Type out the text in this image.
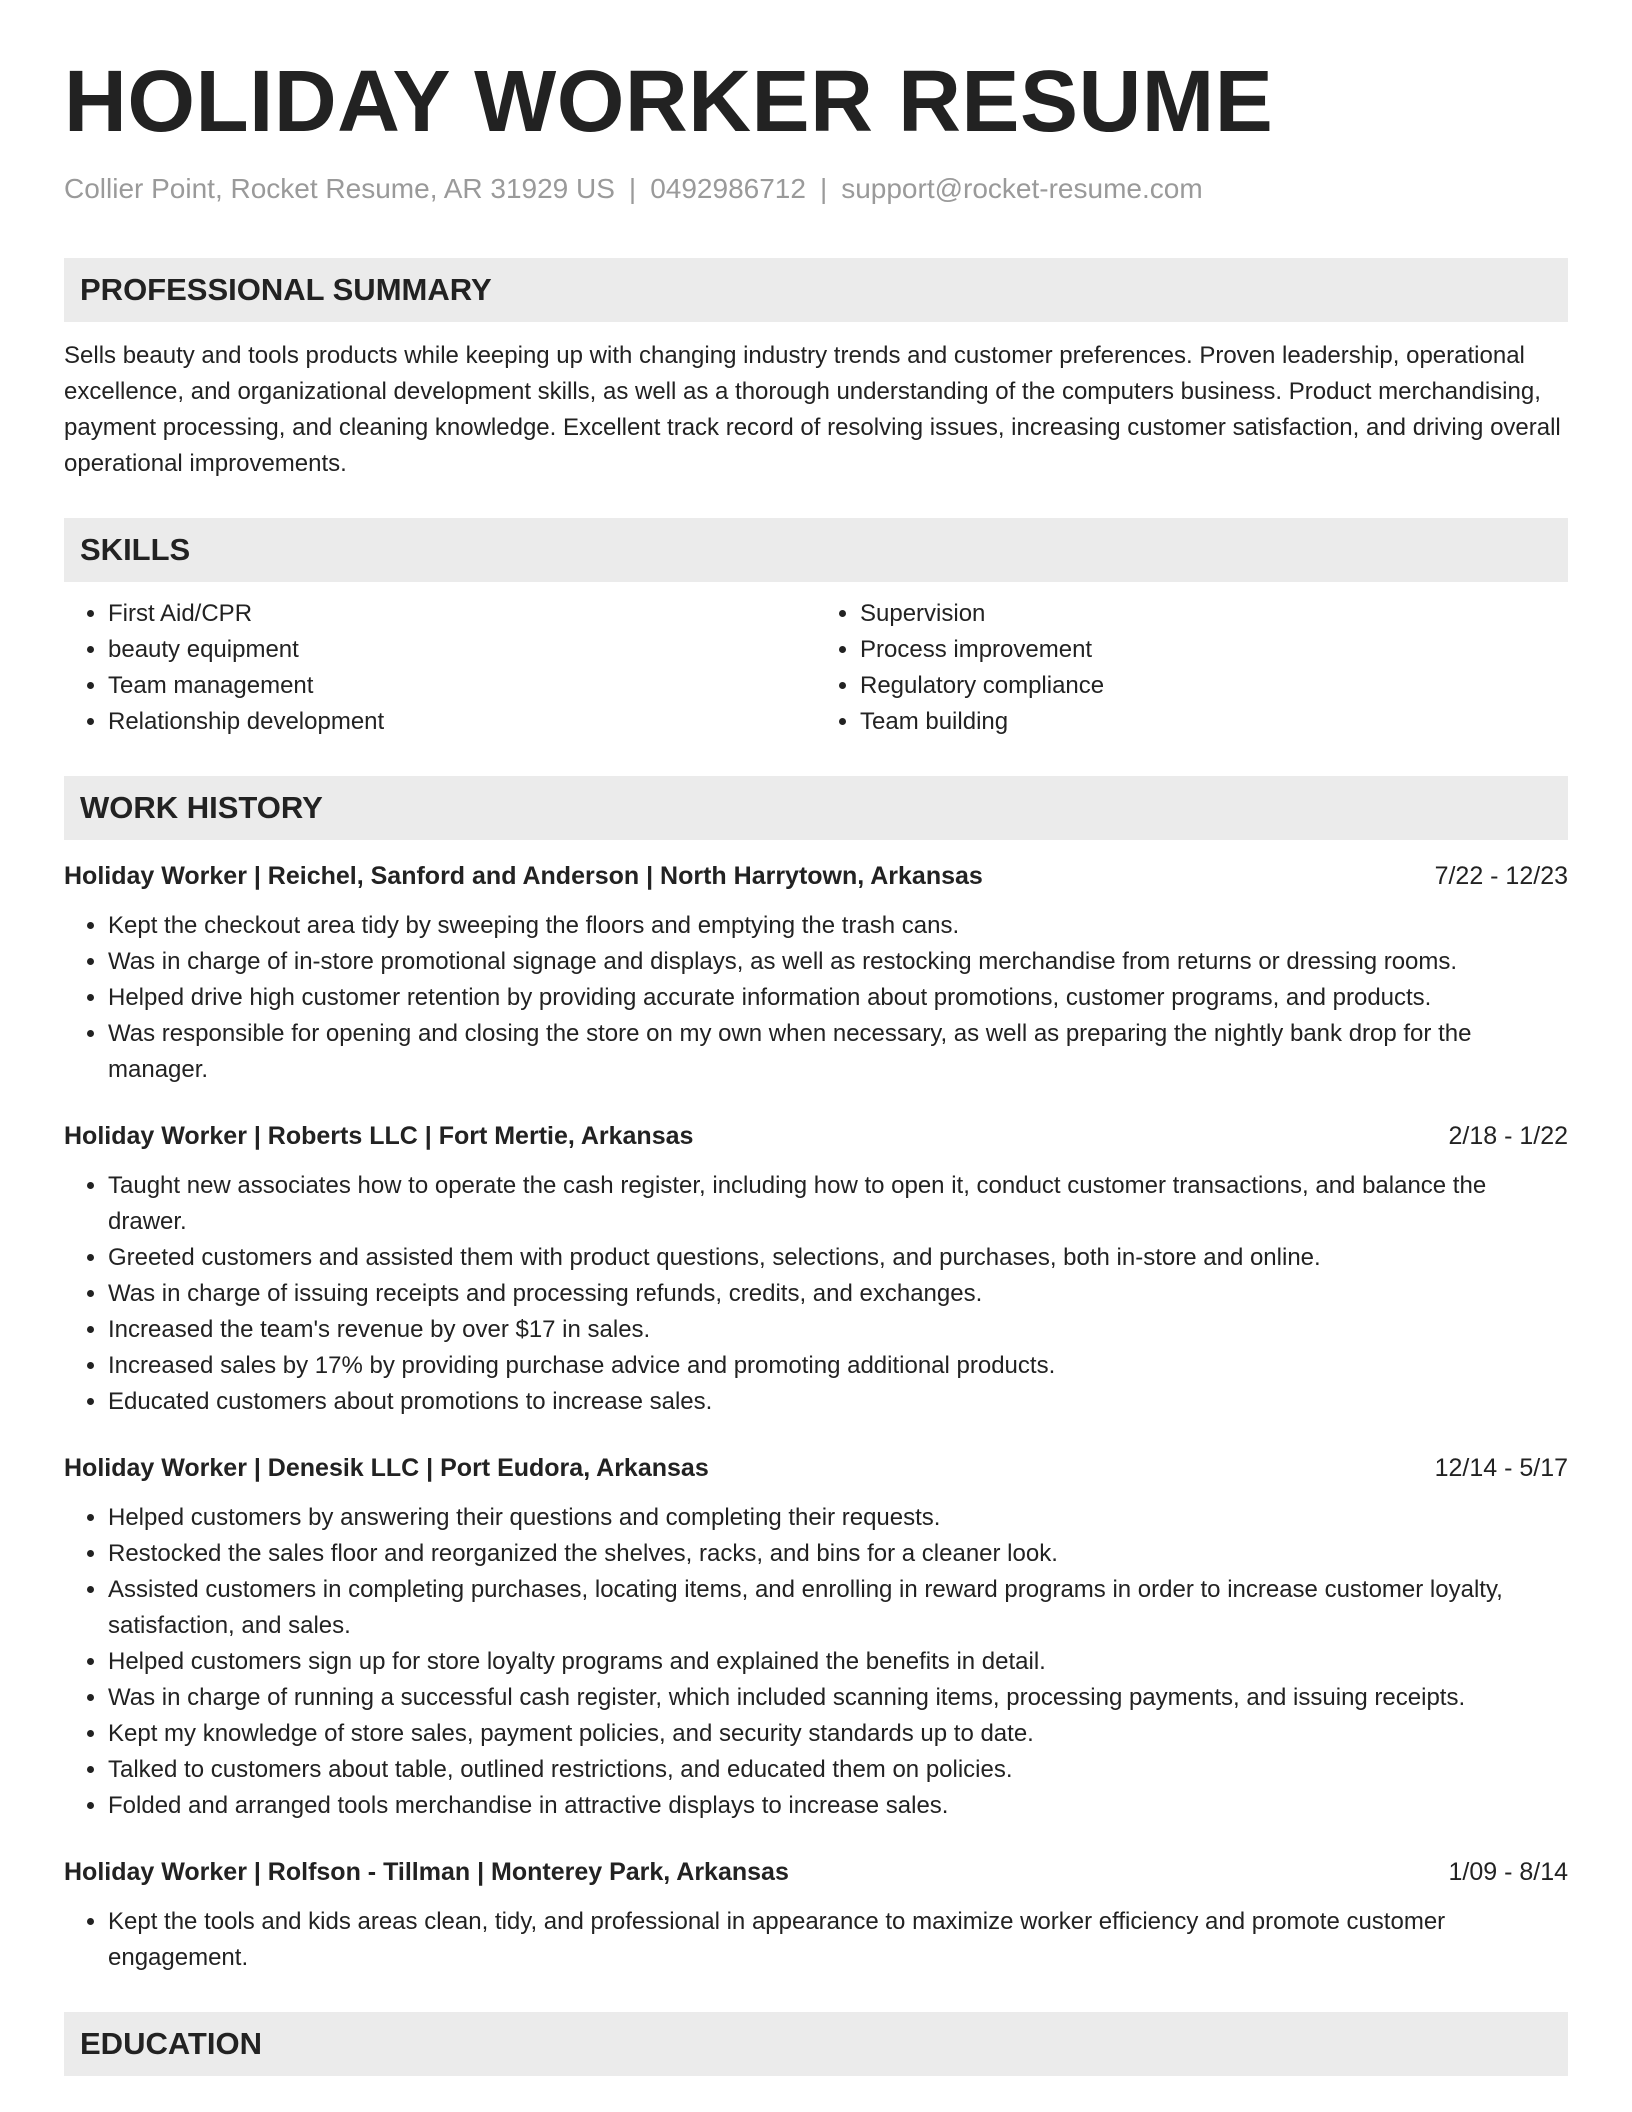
HOLIDAY WORKER RESUME
Collier Point, Rocket Resume, AR 31929 US | 0492986712 | support@rocket-resume.com
PROFESSIONAL SUMMARY
Sells beauty and tools products while keeping up with changing industry trends and customer preferences. Proven leadership, operational excellence, and organizational development skills, as well as a thorough understanding of the computers business. Product merchandising, payment processing, and cleaning knowledge. Excellent track record of resolving issues, increasing customer satisfaction, and driving overall operational improvements.
SKILLS
• First Aid/CPR
• beauty equipment
• Team management
• Relationship development
• Supervision
• Process improvement
• Regulatory compliance
• Team building
WORK HISTORY
Holiday Worker | Reichel, Sanford and Anderson | North Harrytown, Arkansas	7/22 - 12/23
• Kept the checkout area tidy by sweeping the floors and emptying the trash cans.
• Was in charge of in-store promotional signage and displays, as well as restocking merchandise from returns or dressing rooms.
• Helped drive high customer retention by providing accurate information about promotions, customer programs, and products.
• Was responsible for opening and closing the store on my own when necessary, as well as preparing the nightly bank drop for the manager.
Holiday Worker | Roberts LLC | Fort Mertie, Arkansas	2/18 - 1/22
• Taught new associates how to operate the cash register, including how to open it, conduct customer transactions, and balance the drawer.
• Greeted customers and assisted them with product questions, selections, and purchases, both in-store and online.
• Was in charge of issuing receipts and processing refunds, credits, and exchanges.
• Increased the team's revenue by over $17 in sales.
• Increased sales by 17% by providing purchase advice and promoting additional products.
• Educated customers about promotions to increase sales.
Holiday Worker | Denesik LLC | Port Eudora, Arkansas	12/14 - 5/17
• Helped customers by answering their questions and completing their requests.
• Restocked the sales floor and reorganized the shelves, racks, and bins for a cleaner look.
• Assisted customers in completing purchases, locating items, and enrolling in reward programs in order to increase customer loyalty, satisfaction, and sales.
• Helped customers sign up for store loyalty programs and explained the benefits in detail.
• Was in charge of running a successful cash register, which included scanning items, processing payments, and issuing receipts.
• Kept my knowledge of store sales, payment policies, and security standards up to date.
• Talked to customers about table, outlined restrictions, and educated them on policies.
• Folded and arranged tools merchandise in attractive displays to increase sales.
Holiday Worker | Rolfson - Tillman | Monterey Park, Arkansas	1/09 - 8/14
• Kept the tools and kids areas clean, tidy, and professional in appearance to maximize worker efficiency and promote customer engagement.
EDUCATION
